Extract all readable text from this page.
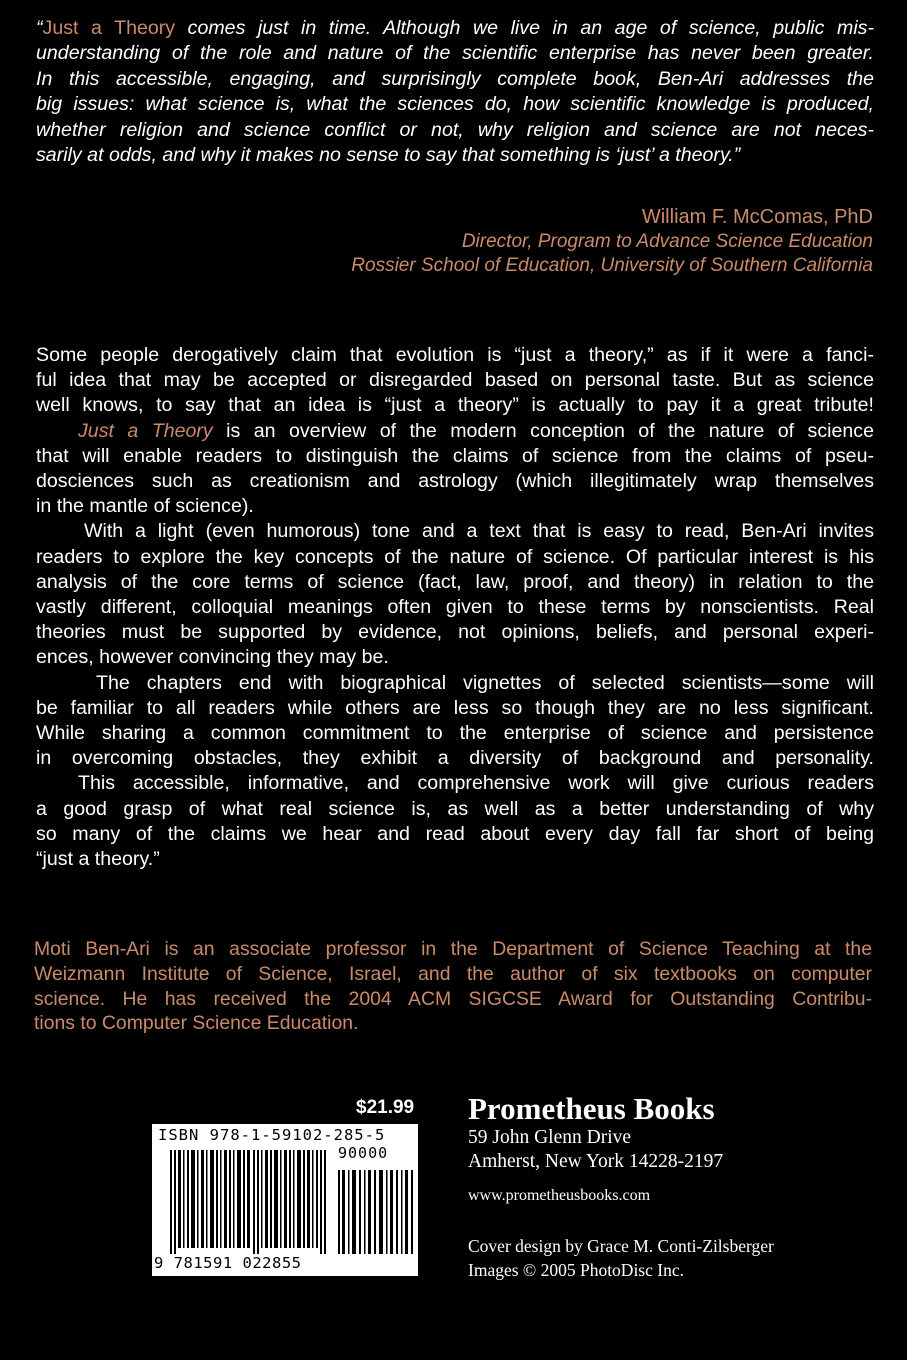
“Just a Theory comes just in time. Although we live in an age of science, public mis-
understanding of the role and nature of the scientific enterprise has never been greater.
In this accessible, engaging, and surprisingly complete book, Ben-Ari addresses the
big issues: what science is, what the sciences do, how scientific knowledge is produced,
whether religion and science conflict or not, why religion and science are not neces-
sarily at odds, and why it makes no sense to say that something is ‘just’ a theory.”
William F. McComas, PhD
Director, Program to Advance Science Education
Rossier School of Education, University of Southern California
Some people derogatively claim that evolution is “just a theory,” as if it were a fanci-
ful idea that may be accepted or disregarded based on personal taste. But as science
well knows, to say that an idea is “just a theory” is actually to pay it a great tribute!
Just a Theory is an overview of the modern conception of the nature of science
that will enable readers to distinguish the claims of science from the claims of pseu-
dosciences such as creationism and astrology (which illegitimately wrap themselves
in the mantle of science).
With a light (even humorous) tone and a text that is easy to read, Ben-Ari invites
readers to explore the key concepts of the nature of science. Of particular interest is his
analysis of the core terms of science (fact, law, proof, and theory) in relation to the
vastly different, colloquial meanings often given to these terms by nonscientists. Real
theories must be supported by evidence, not opinions, beliefs, and personal experi-
ences, however convincing they may be.
The chapters end with biographical vignettes of selected scientists—some will
be familiar to all readers while others are less so though they are no less significant.
While sharing a common commitment to the enterprise of science and persistence
in overcoming obstacles, they exhibit a diversity of background and personality.
This accessible, informative, and comprehensive work will give curious readers
a good grasp of what real science is, as well as a better understanding of why
so many of the claims we hear and read about every day fall far short of being
“just a theory.”
Moti Ben-Ari is an associate professor in the Department of Science Teaching at the
Weizmann Institute of Science, Israel, and the author of six textbooks on computer
science. He has received the 2004 ACM SIGCSE Award for Outstanding Contribu-
tions to Computer Science Education.
$21.99
ISBN 978-1-59102-285-5
90000
9 781591 022855
Prometheus Books
59 John Glenn Drive
Amherst, New York 14228-2197
www.prometheusbooks.com
Cover design by Grace M. Conti-Zilsberger
Images © 2005 PhotoDisc Inc.
